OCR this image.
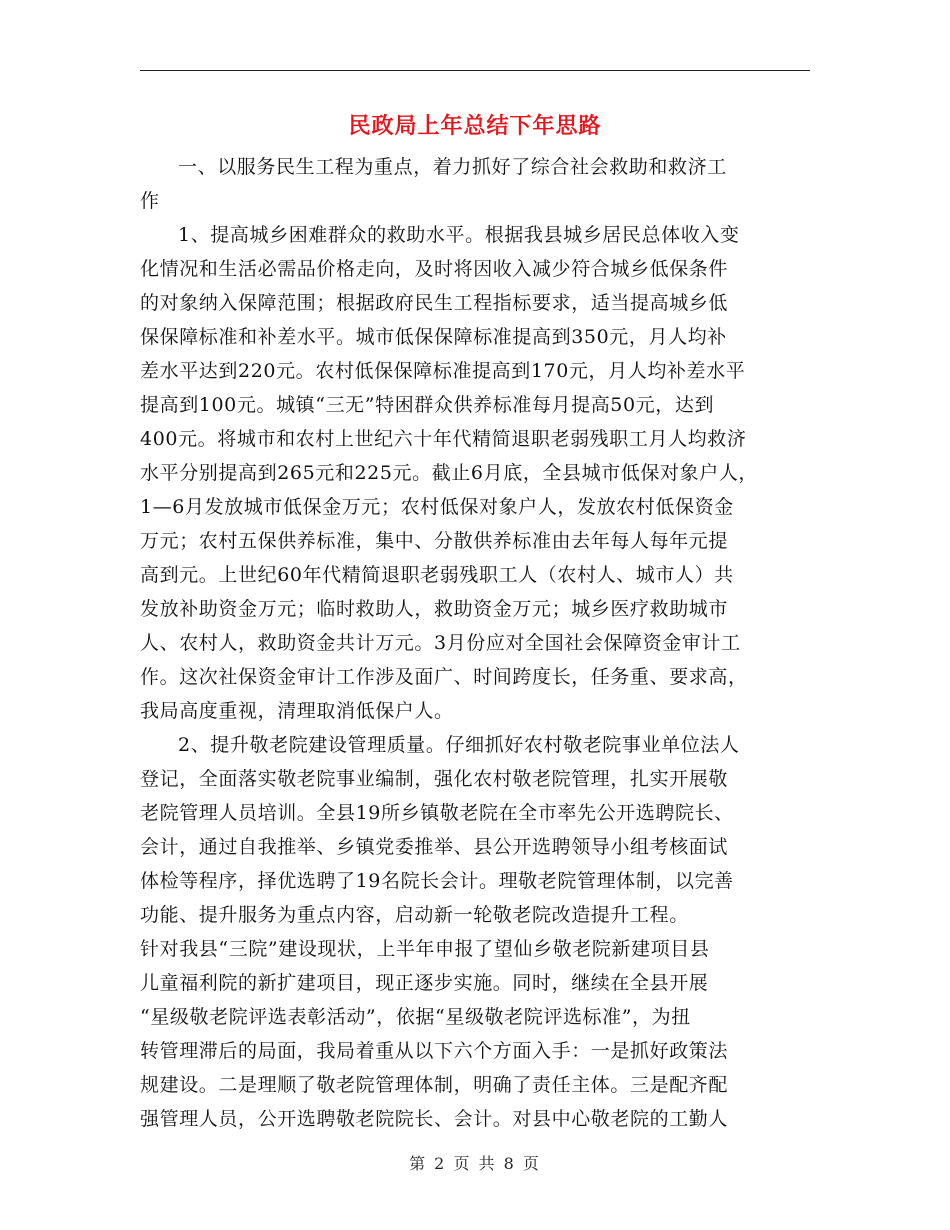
民政局上年总结下年思路
一、以服务民生工程为重点，着力抓好了综合社会救助和救济工
作
1、提高城乡困难群众的救助水平。根据我县城乡居民总体收入变
化情况和生活必需品价格走向，及时将因收入减少符合城乡低保条件
的对象纳入保障范围；根据政府民生工程指标要求，适当提高城乡低
保保障标准和补差水平。城市低保保障标准提高到350元，月人均补
差水平达到220元。农村低保保障标准提高到170元，月人均补差水平
提高到100元。城镇“三无”特困群众供养标准每月提高50元，达到
400元。将城市和农村上世纪六十年代精简退职老弱残职工月人均救济
水平分别提高到265元和225元。截止6月底，全县城市低保对象户人，
1—6月发放城市低保金万元；农村低保对象户人，发放农村低保资金
万元；农村五保供养标准，集中、分散供养标准由去年每人每年元提
高到元。上世纪60年代精简退职老弱残职工人（农村人、城市人）共
发放补助资金万元；临时救助人，救助资金万元；城乡医疗救助城市
人、农村人，救助资金共计万元。3月份应对全国社会保障资金审计工
作。这次社保资金审计工作涉及面广、时间跨度长，任务重、要求高，
我局高度重视，清理取消低保户人。
2、提升敬老院建设管理质量。仔细抓好农村敬老院事业单位法人
登记，全面落实敬老院事业编制，强化农村敬老院管理，扎实开展敬
老院管理人员培训。全县19所乡镇敬老院在全市率先公开选聘院长、
会计，通过自我推举、乡镇党委推举、县公开选聘领导小组考核面试
体检等程序，择优选聘了19名院长会计。理敬老院管理体制，以完善
功能、提升服务为重点内容，启动新一轮敬老院改造提升工程。
针对我县“三院”建设现状，上半年申报了望仙乡敬老院新建项目县
儿童福利院的新扩建项目，现正逐步实施。同时，继续在全县开展
“星级敬老院评选表彰活动”，依据“星级敬老院评选标准”，为扭
转管理滞后的局面，我局着重从以下六个方面入手：一是抓好政策法
规建设。二是理顺了敬老院管理体制，明确了责任主体。三是配齐配
强管理人员，公开选聘敬老院院长、会计。对县中心敬老院的工勤人
第 2 页 共 8 页
